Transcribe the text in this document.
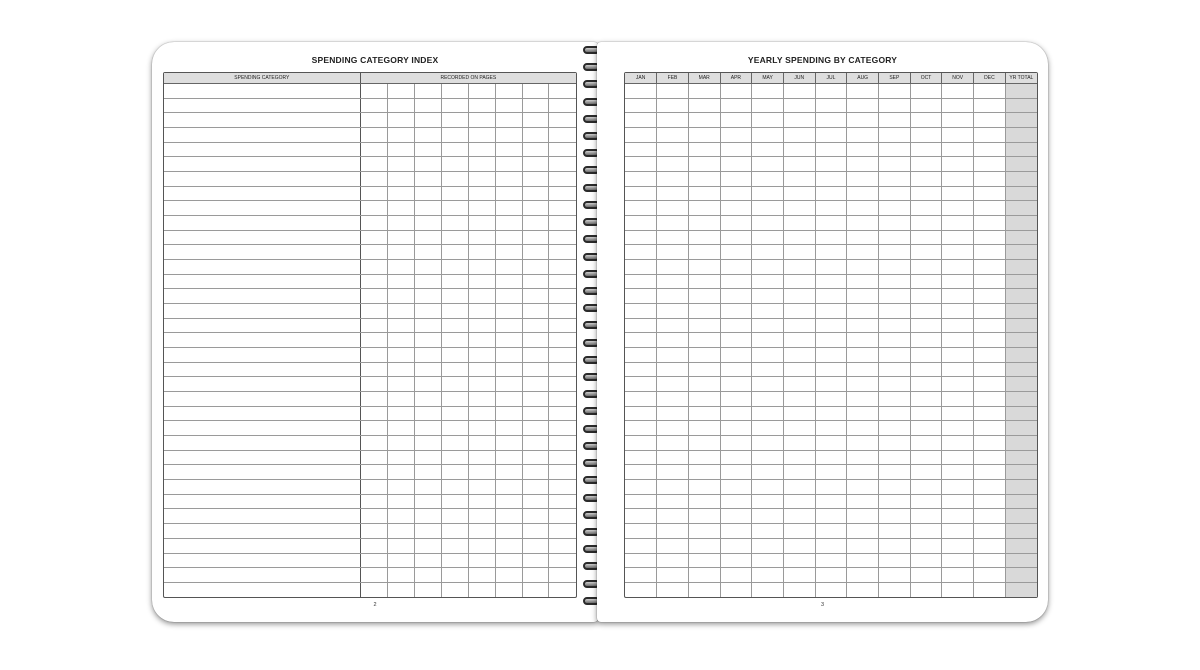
SPENDING CATEGORY INDEX
SPENDING CATEGORY	RECORDED ON PAGES							

2
YEARLY SPENDING BY CATEGORY
JAN	FEB	MAR	APR	MAY	JUN	JUL	AUG	SEP	OCT	NOV	DEC	YR TOTAL

3
